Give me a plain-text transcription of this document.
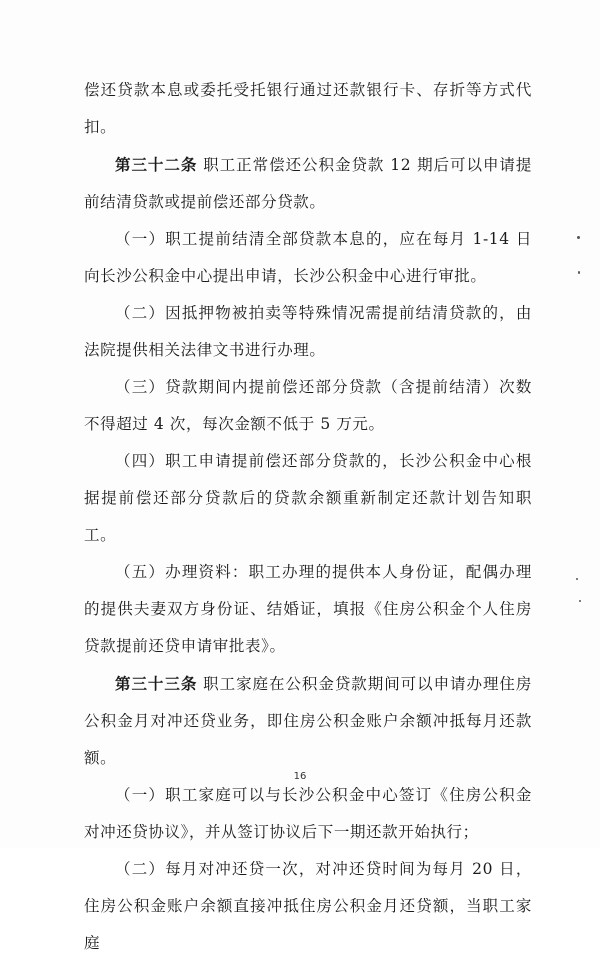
偿还贷款本息或委托受托银行通过还款银行卡、存折等方式代扣。

第三十二条 职工正常偿还公积金贷款 12 期后可以申请提前结清贷款或提前偿还部分贷款。

（一）职工提前结清全部贷款本息的，应在每月 1-14 日向长沙公积金中心提出申请，长沙公积金中心进行审批。

（二）因抵押物被拍卖等特殊情况需提前结清贷款的，由法院提供相关法律文书进行办理。

（三）贷款期间内提前偿还部分贷款（含提前结清）次数不得超过 4 次，每次金额不低于 5 万元。

（四）职工申请提前偿还部分贷款的，长沙公积金中心根据提前偿还部分贷款后的贷款余额重新制定还款计划告知职工。

（五）办理资料：职工办理的提供本人身份证，配偶办理的提供夫妻双方身份证、结婚证，填报《住房公积金个人住房贷款提前还贷申请审批表》。

第三十三条 职工家庭在公积金贷款期间可以申请办理住房公积金月对冲还贷业务，即住房公积金账户余额冲抵每月还款额。

（一）职工家庭可以与长沙公积金中心签订《住房公积金对冲还贷协议》，并从签订协议后下一期还款开始执行；

（二）每月对冲还贷一次，对冲还贷时间为每月 20 日，住房公积金账户余额直接冲抵住房公积金月还贷额，当职工家庭

16
